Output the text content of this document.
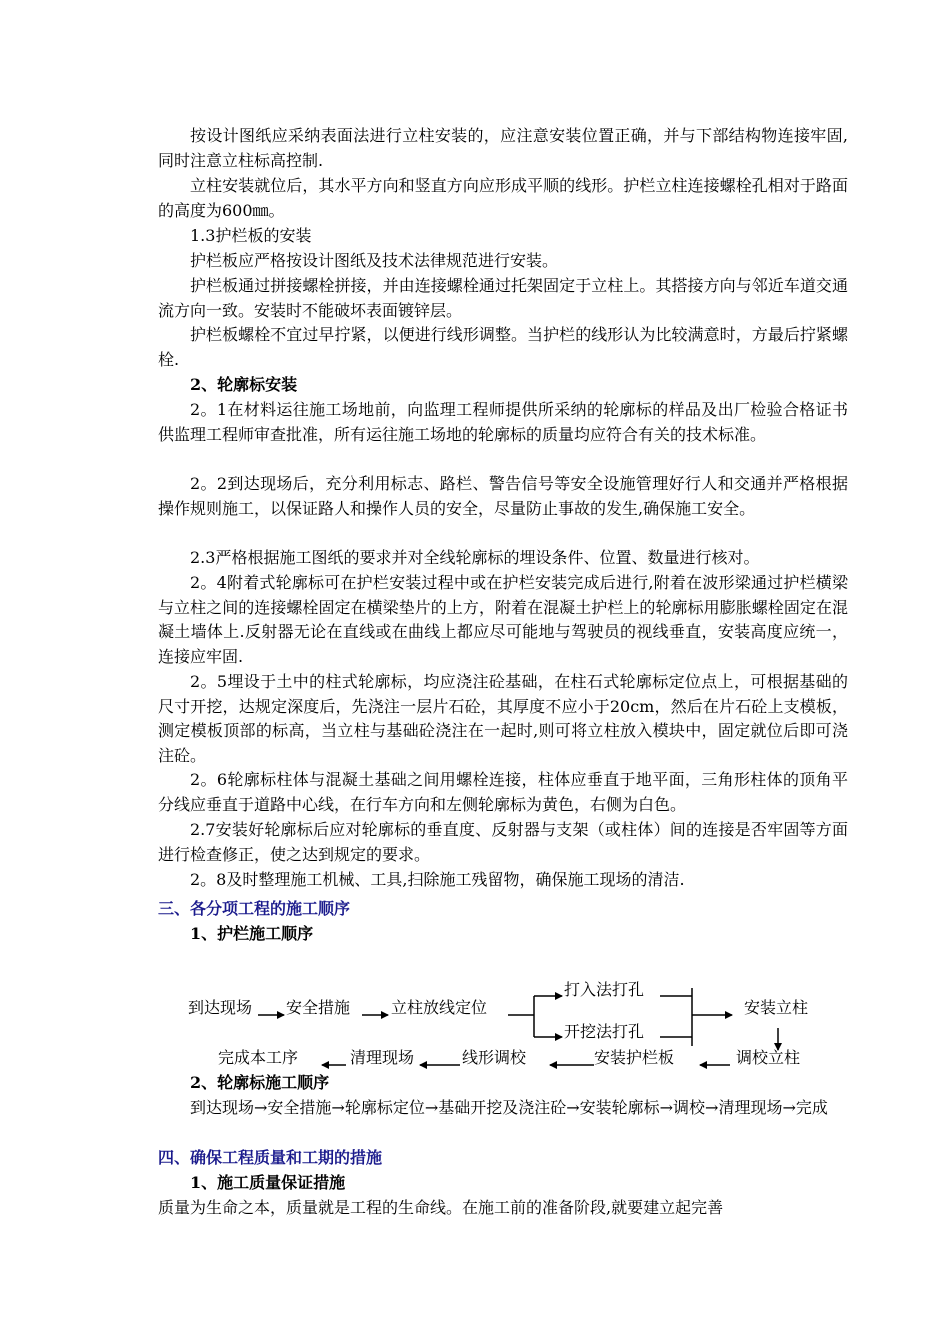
按设计图纸应采纳表面法进行立柱安装的，应注意安装位置正确，并与下部结构物连接牢固,同时注意立柱标高控制.

立柱安装就位后，其水平方向和竖直方向应形成平顺的线形。护栏立柱连接螺栓孔相对于路面的高度为600㎜。

1.3护栏板的安装

护栏板应严格按设计图纸及技术法律规范进行安装。

护栏板通过拼接螺栓拼接，并由连接螺栓通过托架固定于立柱上。其搭接方向与邻近车道交通流方向一致。安装时不能破坏表面镀锌层。

护栏板螺栓不宜过早拧紧，以便进行线形调整。当护栏的线形认为比较满意时，方最后拧紧螺栓.

2、轮廓标安装

2。1在材料运往施工场地前，向监理工程师提供所采纳的轮廓标的样品及出厂检验合格证书供监理工程师审查批准，所有运往施工场地的轮廓标的质量均应符合有关的技术标准。

2。2到达现场后，充分利用标志、路栏、警告信号等安全设施管理好行人和交通并严格根据操作规则施工，以保证路人和操作人员的安全，尽量防止事故的发生,确保施工安全。

2.3严格根据施工图纸的要求并对全线轮廓标的埋设条件、位置、数量进行核对。

2。4附着式轮廓标可在护栏安装过程中或在护栏安装完成后进行,附着在波形梁通过护栏横梁与立柱之间的连接螺栓固定在横梁垫片的上方，附着在混凝土护栏上的轮廓标用膨胀螺栓固定在混凝土墙体上.反射器无论在直线或在曲线上都应尽可能地与驾驶员的视线垂直，安装高度应统一，连接应牢固.

2。5埋设于土中的柱式轮廓标，均应浇注砼基础，在柱石式轮廓标定位点上，可根据基础的尺寸开挖，达规定深度后，先浇注一层片石砼，其厚度不应小于20cm，然后在片石砼上支模板，测定模板顶部的标高，当立柱与基础砼浇注在一起时,则可将立柱放入模块中，固定就位后即可浇注砼。

2。6轮廓标柱体与混凝土基础之间用螺栓连接，柱体应垂直于地平面，三角形柱体的顶角平分线应垂直于道路中心线，在行车方向和左侧轮廓标为黄色，右侧为白色。

2.7安装好轮廓标后应对轮廓标的垂直度、反射器与支架（或柱体）间的连接是否牢固等方面进行检查修正，使之达到规定的要求。

2。8及时整理施工机械、工具,扫除施工残留物，确保施工现场的清洁.

三、各分项工程的施工顺序

1、护栏施工顺序

到达现场 安全措施	立柱放线定位
打入法打孔
开挖法打孔
安装立柱
调校立柱
安装护栏板
线形调校
清理现场
完成本工序

2、轮廓标施工顺序

到达现场→安全措施→轮廓标定位→基础开挖及浇注砼→安装轮廓标→调校→清理现场→完成

四、确保工程质量和工期的措施

1、施工质量保证措施

质量为生命之本，质量就是工程的生命线。在施工前的准备阶段,就要建立起完善
